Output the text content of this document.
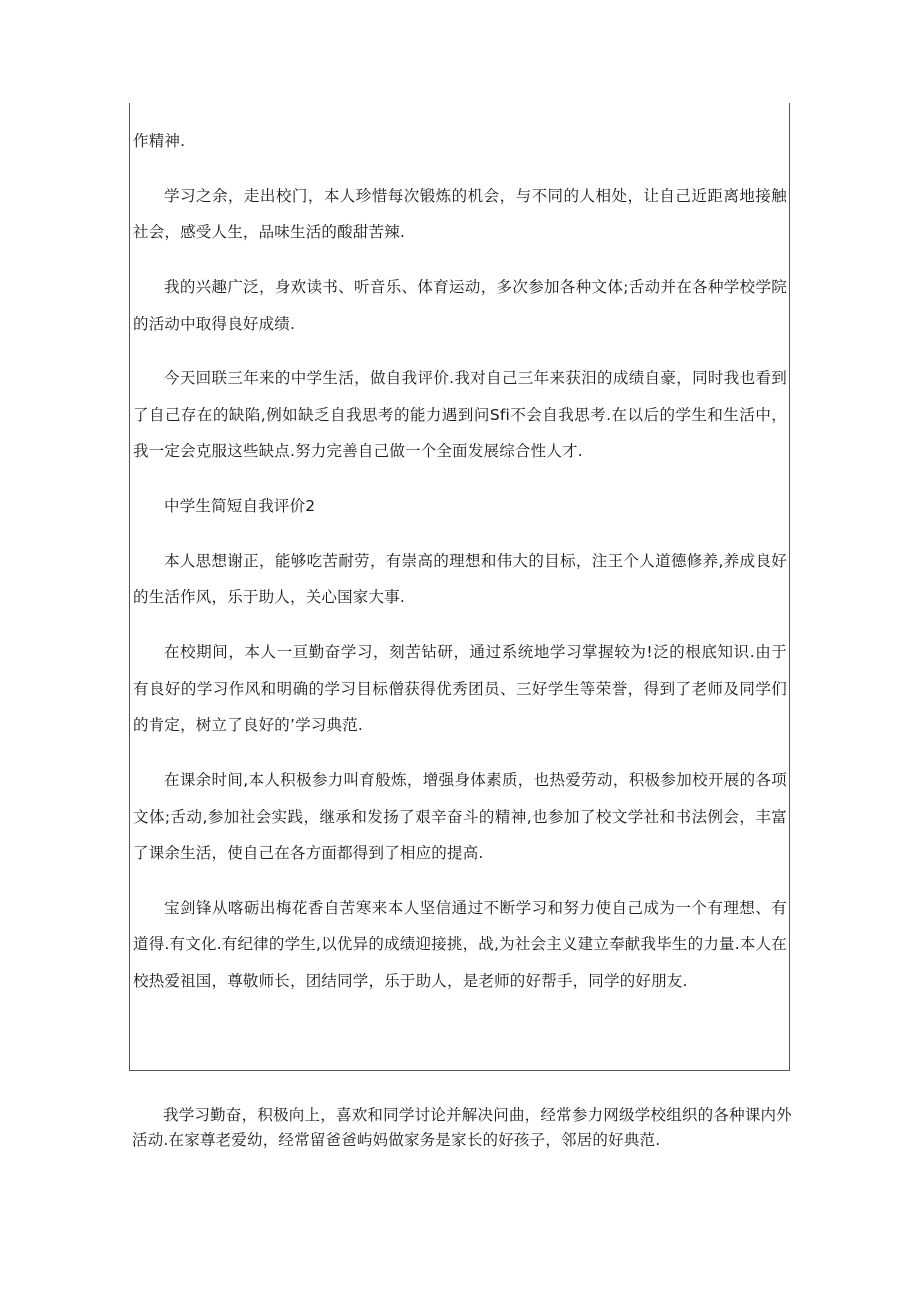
作精神.

学习之余，走出校门，本人珍惜每次锻炼的机会，与不同的人相处，让自己近距离地接触社会，感受人生，品味生活的酸甜苦辣.

我的兴趣广泛，身欢读书、听音乐、体育运动，多次参加各种文体;舌动并在各种学校学院的活动中取得良好成绩.

今天回联三年来的中学生活，做自我评价.我对自己三年来获汨的成绩自豪，同时我也看到了自己存在的缺陷,例如缺乏自我思考的能力遇到问Sfi不会自我思考.在以后的学生和生活中，我一定会克服这些缺点.努力完善自己做一个全面发展综合性人才.

中学生简短自我评价2

本人思想谢正，能够吃苦耐劳，有崇高的理想和伟大的目标，注王个人道德修养,养成良好的生活作风，乐于助人，关心国家大事.

在校期间，本人一亘勤奋学习，刻苦钻研，通过系统地学习掌握较为!泛的根底知识.由于有良好的学习作风和明确的学习目标僧获得优秀团员、三好学生等荣誉，得到了老师及同学们的肯定，树立了良好的’学习典范.

在课余时间,本人积极参力叫育般炼，增强身体素质，也热爱劳动，积极参加校开展的各项文体;舌动,参加社会实践，继承和发扬了艰辛奋斗的精神,也参加了校文学社和书法例会，丰富了课余生活，使自己在各方面都得到了相应的提高.

宝剑锋从喀砺出梅花香自苦寒来本人坚信通过不断学习和努力使自己成为一个有理想、有道得.有文化.有纪律的学生,以优异的成绩迎接挑，战,为社会主义建立奉献我毕生的力量.本人在校热爱祖国，尊敬师长，团结同学，乐于助人，是老师的好帮手，同学的好朋友.

我学习勤奋，积极向上，喜欢和同学讨论并解决问曲，经常参力网级学校组织的各种课内外活动.在家尊老爱幼，经常留爸爸屿妈做家务是家长的好孩子，邻居的好典范.
